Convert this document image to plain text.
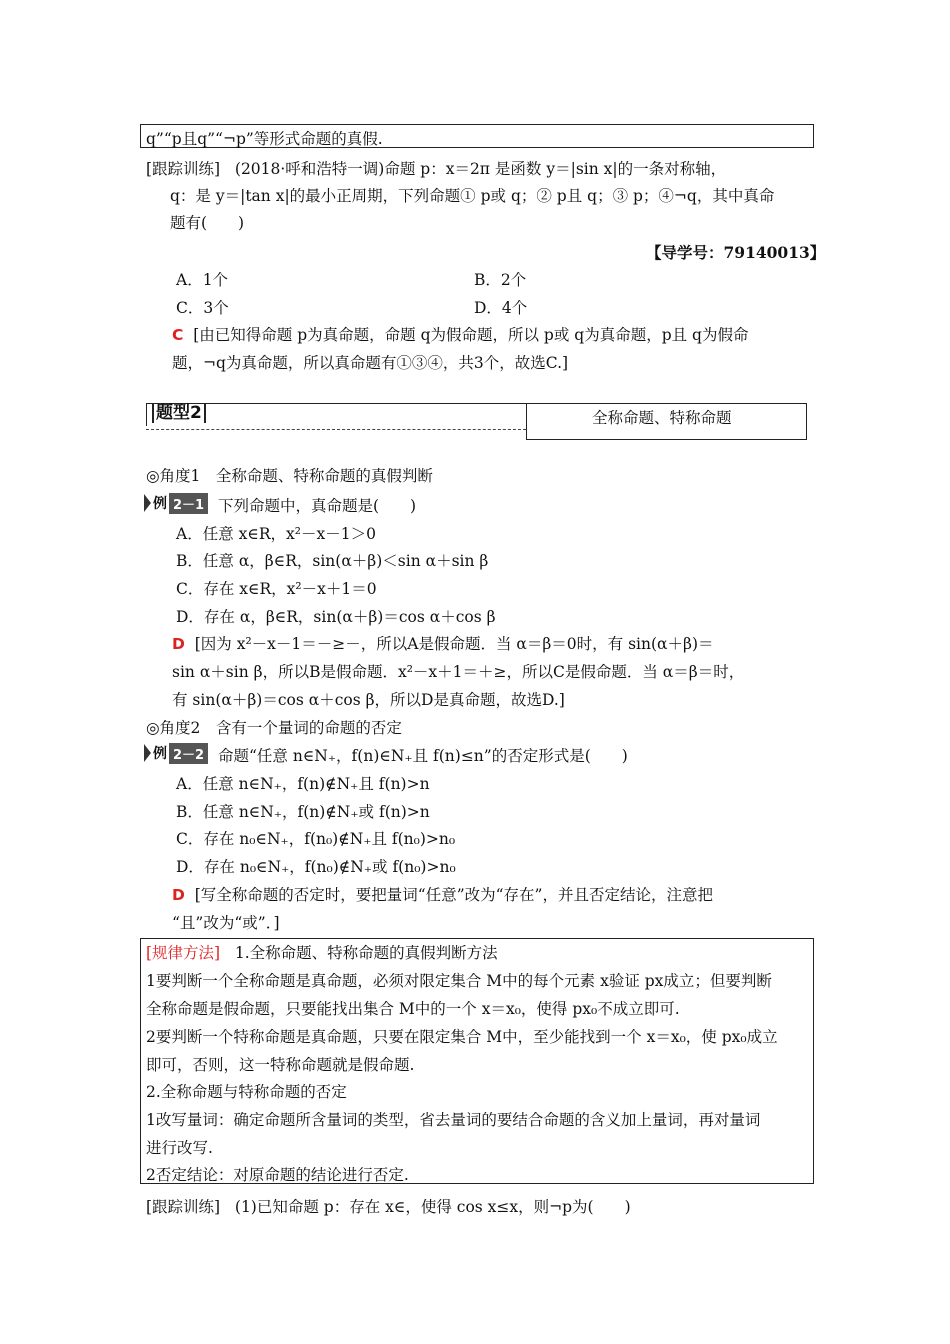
q”“p且q”“¬p”等形式命题的真假.
[跟踪训练] (2018·呼和浩特一调)命题 p：x＝2π 是函数 y＝|sin x|的一条对称轴，
q：是 y＝|tan x|的最小正周期，下列命题① p或 q；② p且 q；③ p；④¬q，其中真命
题有(　　)
【导学号：79140013】
A．1个	B．2个
C．3个	D．4个
C [由已知得命题 p为真命题，命题 q为假命题，所以 p或 q为真命题，p且 q为假命
题，¬q为真命题，所以真命题有①③④，共3个，故选C.]
题型2	全称命题、特称命题
◎角度1　全称命题、特称命题的真假判断
例 2－1 下列命题中，真命题是(　　)
A．任意 x∈R，x²－x－1＞0
B．任意 α，β∈R，sin(α＋β)＜sin α＋sin β
C．存在 x∈R，x²－x＋1＝0
D．存在 α，β∈R，sin(α＋β)＝cos α＋cos β
D [因为 x²－x－1＝－≥－，所以A是假命题．当 α＝β＝0时，有 sin(α＋β)＝
sin α＋sin β，所以B是假命题．x²－x＋1＝＋≥，所以C是假命题．当 α＝β＝时，
有 sin(α＋β)＝cos α＋cos β，所以D是真命题，故选D.]
◎角度2　含有一个量词的命题的否定
例 2－2 命题“任意 n∈N₊，f(n)∈N₊且 f(n)≤n”的否定形式是(　　)
A．任意 n∈N₊，f(n)∉N₊且 f(n)>n
B．任意 n∈N₊，f(n)∉N₊或 f(n)>n
C．存在 n₀∈N₊，f(n₀)∉N₊且 f(n₀)>n₀
D．存在 n₀∈N₊，f(n₀)∉N₊或 f(n₀)>n₀
D [写全称命题的否定时，要把量词“任意”改为“存在”，并且否定结论，注意把
“且”改为“或”．]
[规律方法] 1.全称命题、特称命题的真假判断方法
1要判断一个全称命题是真命题，必须对限定集合 M中的每个元素 x验证 px成立；但要判断
全称命题是假命题，只要能找出集合 M中的一个 x＝x₀，使得 px₀不成立即可.
2要判断一个特称命题是真命题，只要在限定集合 M中，至少能找到一个 x＝x₀，使 px₀成立
即可，否则，这一特称命题就是假命题.
2.全称命题与特称命题的否定
1改写量词：确定命题所含量词的类型，省去量词的要结合命题的含义加上量词，再对量词
进行改写.
2否定结论：对原命题的结论进行否定.
[跟踪训练] (1)已知命题 p：存在 x∈，使得 cos x≤x，则¬p为(　　)
